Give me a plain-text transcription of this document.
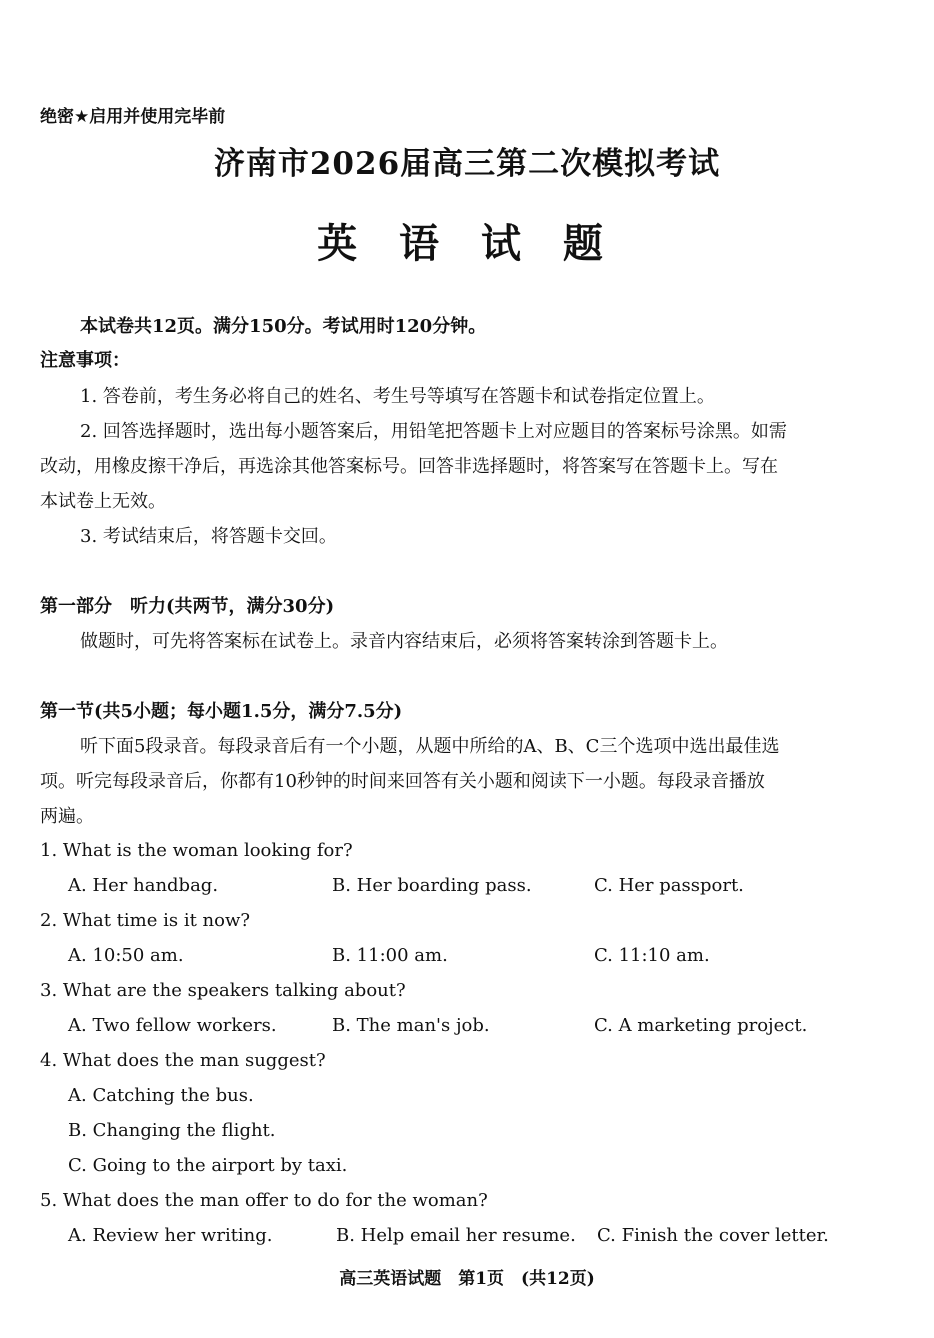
绝密★启用并使用完毕前
济南市2026届高三第二次模拟考试
英 语 试 题
本试卷共12页。满分150分。考试用时120分钟。
注意事项：
1. 答卷前，考生务必将自己的姓名、考生号等填写在答题卡和试卷指定位置上。
2. 回答选择题时，选出每小题答案后，用铅笔把答题卡上对应题目的答案标号涂黑。如需
改动，用橡皮擦干净后，再选涂其他答案标号。回答非选择题时，将答案写在答题卡上。写在
本试卷上无效。
3. 考试结束后，将答题卡交回。
第一部分　听力(共两节，满分30分)
做题时，可先将答案标在试卷上。录音内容结束后，必须将答案转涂到答题卡上。
第一节(共5小题；每小题1.5分，满分7.5分)
听下面5段录音。每段录音后有一个小题，从题中所给的A、B、C三个选项中选出最佳选
项。听完每段录音后，你都有10秒钟的时间来回答有关小题和阅读下一小题。每段录音播放
两遍。
1. What is the woman looking for?
A. Her handbag.	B. Her boarding pass.	C. Her passport.
2. What time is it now?
A. 10:50 am.	B. 11:00 am.	C. 11:10 am.
3. What are the speakers talking about?
A. Two fellow workers.	B. The man's job.	C. A marketing project.
4. What does the man suggest?
A. Catching the bus.
B. Changing the flight.
C. Going to the airport by taxi.
5. What does the man offer to do for the woman?
A. Review her writing.	B. Help email her resume. C. Finish the cover letter.
高三英语试题　第1页　(共12页)
